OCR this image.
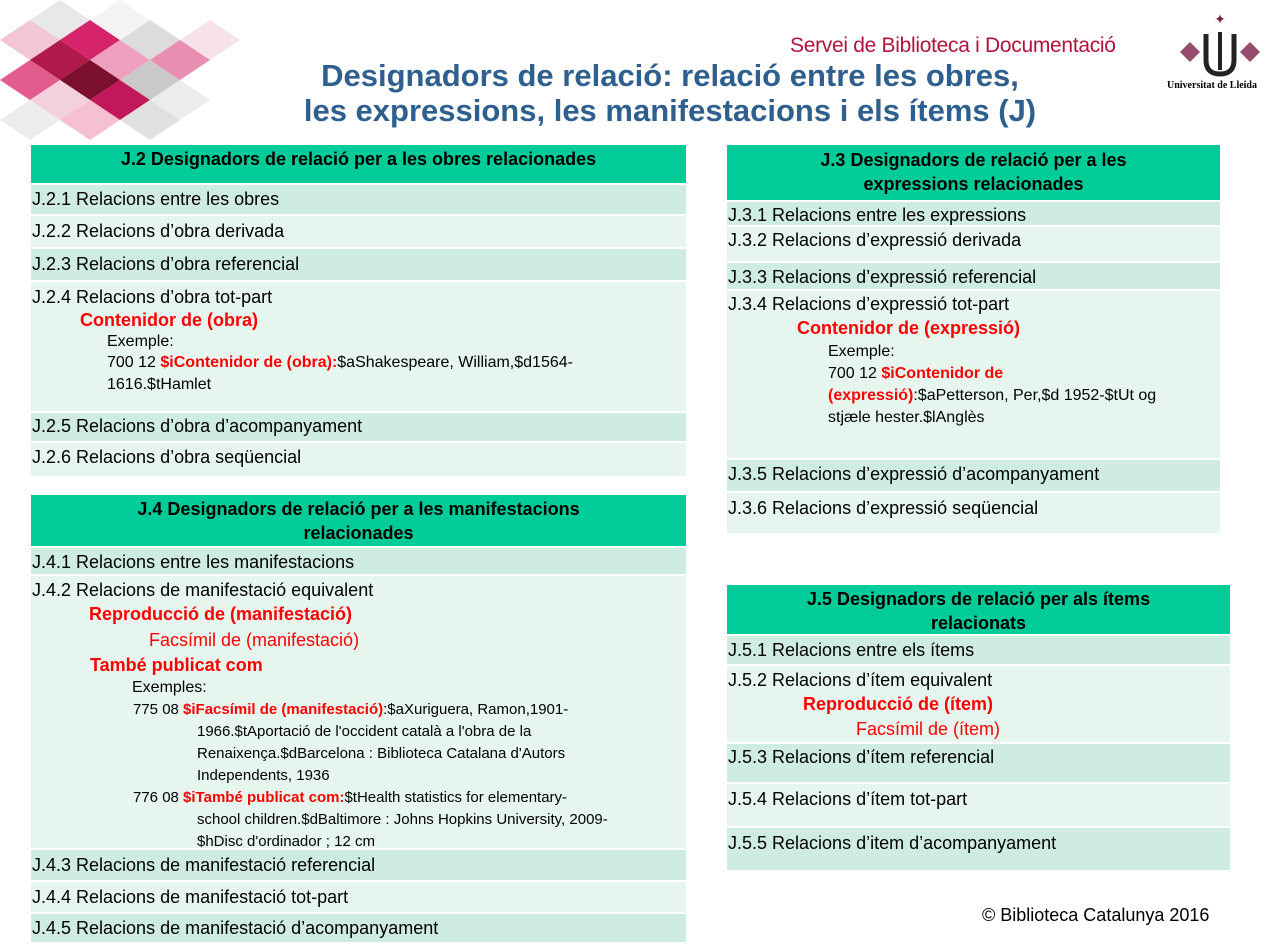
Servei de Biblioteca i Documentació
✦
Universitat de Lleida
Designadors de relació: relació entre les obres,
les expressions, les manifestacions i els ítems (J)
J.2 Designadors de relació per a les obres relacionades
J.2.1 Relacions entre les obres
J.2.2 Relacions d’obra derivada
J.2.3 Relacions d’obra referencial
J.2.4 Relacions d’obra tot-part
Contenidor de (obra)
Exemple:
700 12 $iContenidor de (obra):$aShakespeare, William,$d1564-
1616.$tHamlet
J.2.5 Relacions d’obra d’acompanyament
J.2.6 Relacions d’obra seqüencial
J.3 Designadors de relació per a les
expressions relacionades
J.3.1 Relacions entre les expressions
J.3.2 Relacions d’expressió derivada
J.3.3 Relacions d’expressió referencial
J.3.4 Relacions d’expressió tot-part
Contenidor de (expressió)
Exemple:
700 12 $iContenidor de
(expressió):$aPetterson, Per,$d 1952-$tUt og
stjæle hester.$lAnglès
J.3.5 Relacions d’expressió d’acompanyament
J.3.6 Relacions d’expressió seqüencial
J.4 Designadors de relació per a les manifestacions
relacionades
J.4.1 Relacions entre les manifestacions
J.4.2 Relacions de manifestació equivalent
Reproducció de (manifestació)
Facsímil de (manifestació)
També publicat com
Exemples:
775 08 $iFacsímil de (manifestació):$aXuriguera, Ramon,1901-
1966.$tAportació de l'occident català a l'obra de la
Renaixença.$dBarcelona : Biblioteca Catalana d'Autors
Independents, 1936
776 08 $iTambé publicat com:$tHealth statistics for elementary-
school children.$dBaltimore : Johns Hopkins University, 2009-
$hDisc d'ordinador ; 12 cm
J.4.3 Relacions de manifestació referencial
J.4.4 Relacions de manifestació tot-part
J.4.5 Relacions de manifestació d’acompanyament
J.5 Designadors de relació per als ítems
relacionats
J.5.1 Relacions entre els ítems
J.5.2 Relacions d’ítem equivalent
Reproducció de (ítem)
Facsímil de (ítem)
J.5.3 Relacions d’ítem referencial
J.5.4 Relacions d’ítem tot-part
J.5.5 Relacions d’item d’acompanyament
© Biblioteca Catalunya 2016
